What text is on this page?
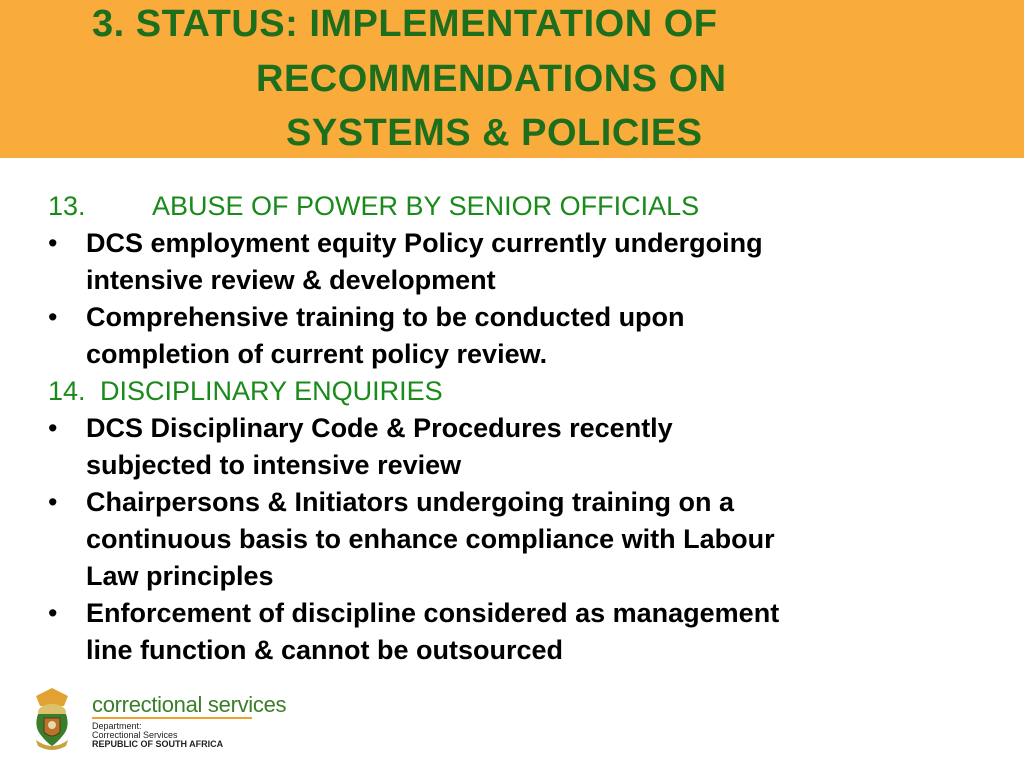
3. STATUS: IMPLEMENTATION OF
RECOMMENDATIONS ON
SYSTEMS & POLICIES
13. ABUSE OF POWER BY SENIOR OFFICIALS
• DCS employment equity Policy currently undergoing
intensive review & development
• Comprehensive training to be conducted upon
completion of current policy review.
14. DISCIPLINARY ENQUIRIES
• DCS Disciplinary Code & Procedures recently
subjected to intensive review
• Chairpersons & Initiators undergoing training on a
continuous basis to enhance compliance with Labour
Law principles
• Enforcement of discipline considered as management
line function & cannot be outsourced
correctional services
Department:
Correctional Services
REPUBLIC OF SOUTH AFRICA
